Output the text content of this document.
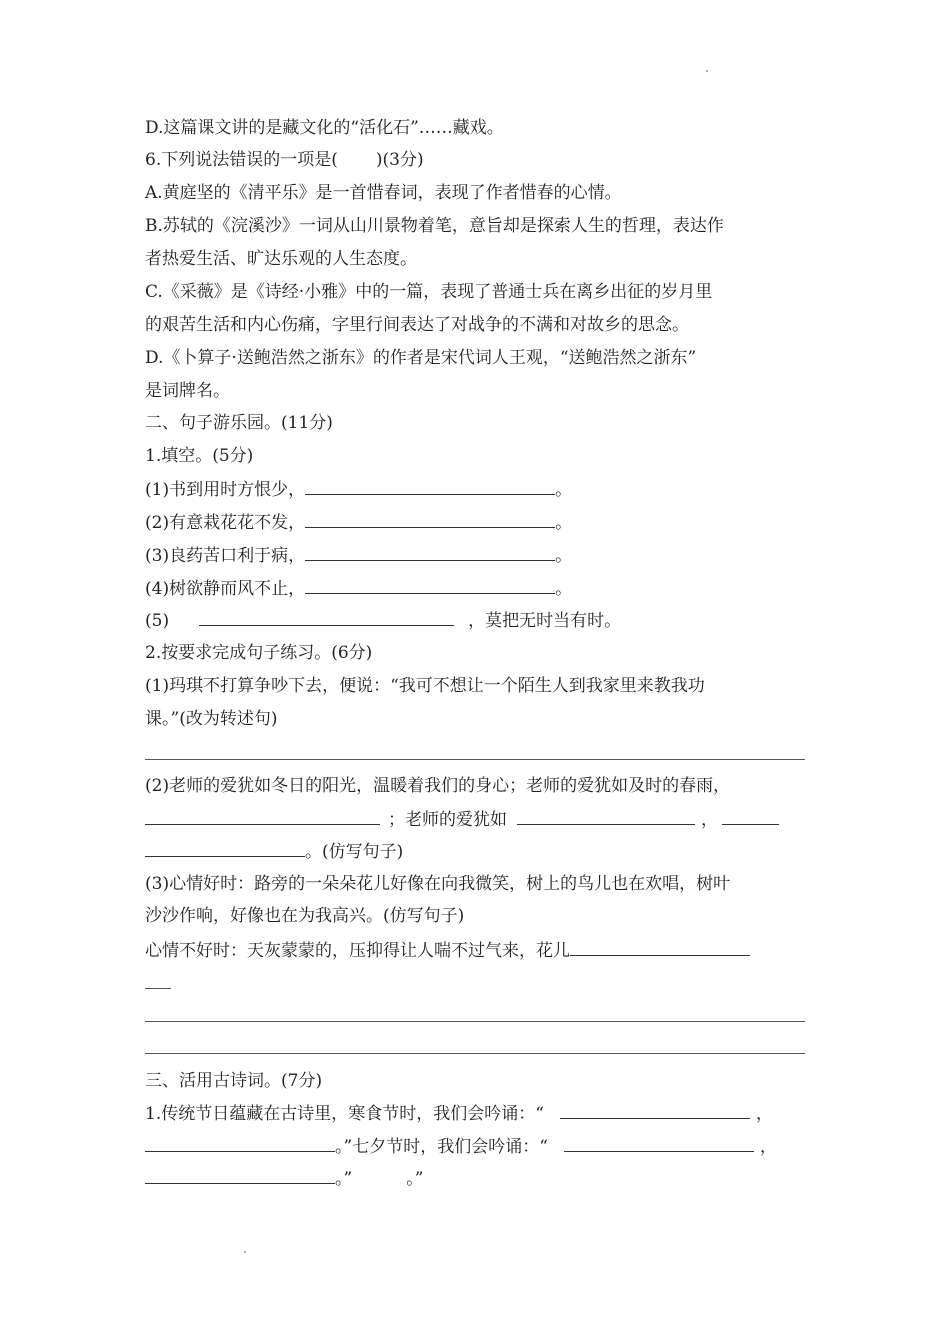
D.这篇课文讲的是藏文化的“活化石”……藏戏。
6.下列说法错误的一项是( )(3分)
A.黄庭坚的《清平乐》是一首惜春词，表现了作者惜春的心情。
B.苏轼的《浣溪沙》一词从山川景物着笔，意旨却是探索人生的哲理，表达作
者热爱生活、旷达乐观的人生态度。
C.《采薇》是《诗经·小雅》中的一篇，表现了普通士兵在离乡出征的岁月里
的艰苦生活和内心伤痛，字里行间表达了对战争的不满和对故乡的思念。
D.《卜算子·送鲍浩然之浙东》的作者是宋代词人王观，“送鲍浩然之浙东”
是词牌名。
二、句子游乐园。(11分)
1.填空。(5分)
(1)书到用时方恨少，	。
(2)有意栽花花不发，	。
(3)良药苦口利于病，	。
(4)树欲静而风不止，	。
(5)	，莫把无时当有时。
2.按要求完成句子练习。(6分)
(1)玛琪不打算争吵下去，便说：“我可不想让一个陌生人到我家里来教我功
课。”(改为转述句)
(2)老师的爱犹如冬日的阳光，温暖着我们的身心；老师的爱犹如及时的春雨，
；老师的爱犹如	，
。(仿写句子)
(3)心情好时：路旁的一朵朵花儿好像在向我微笑，树上的鸟儿也在欢唱，树叶
沙沙作响，好像也在为我高兴。(仿写句子)
心情不好时：天灰蒙蒙的，压抑得让人喘不过气来，花儿
三、活用古诗词。(7分)
1.传统节日蕴藏在古诗里，寒食节时，我们会吟诵：“	，
。”七夕节时，我们会吟诵：“	，
。”	。”
